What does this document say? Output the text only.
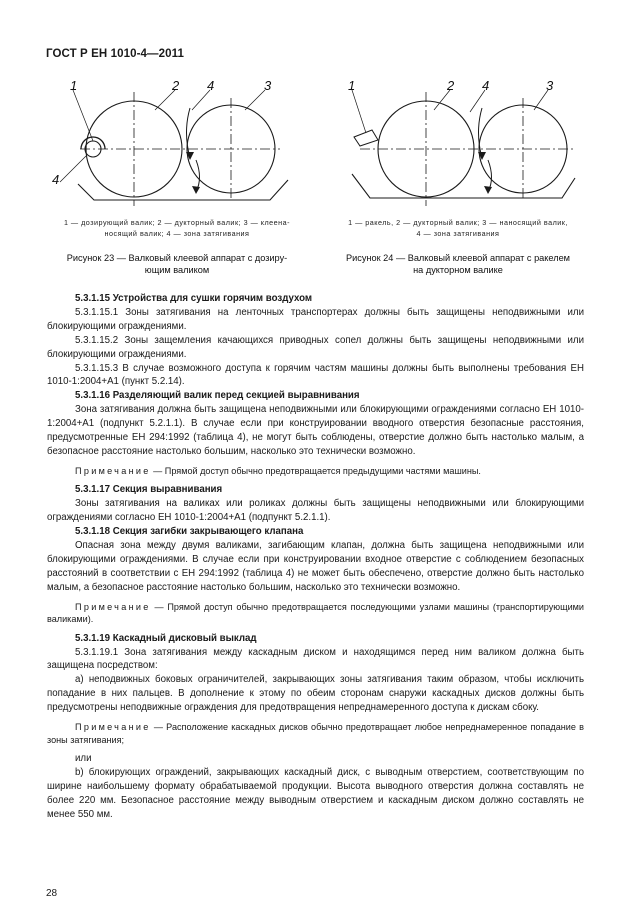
ГОСТ Р ЕН 1010-4—2011
1	2 4	3
4
1 — дозирующий валик; 2 — дукторный валик; 3 — клеена-
носящий валик; 4 — зона затягивания
Рисунок 23 — Валковый клеевой аппарат с дозиру-
ющим валиком
1	2 4	3
1 — ракель, 2 — дукторный валик; 3 — наносящий валик,
4 — зона затягивания
Рисунок 24 — Валковый клеевой аппарат с ракелем
на дукторном валике

5.3.1.15 Устройства для сушки горячим воздухом

5.3.1.15.1 Зоны затягивания на ленточных транспортерах должны быть защищены неподвижными или блокирующими ограждениями.

5.3.1.15.2 Зоны защемления качающихся приводных сопел должны быть защищены неподвижными или блокирующими ограждениями.

5.3.1.15.3 В случае возможного доступа к горячим частям машины должны быть выполнены требования ЕН 1010-1:2004+А1 (пункт 5.2.14).

5.3.1.16 Разделяющий валик перед секцией выравнивания

Зона затягивания должна быть защищена неподвижными или блокирующими ограждениями согласно ЕН 1010-1:2004+А1 (подпункт 5.2.1.1). В случае если при конструировании вводного отверстия безопасные расстояния, предусмотренные ЕН 294:1992 (таблица 4), не могут быть соблюдены, отверстие должно быть настолько малым, а безопасное расстояние настолько большим, насколько это технически возможно.

Примечание — Прямой доступ обычно предотвращается предыдущими частями машины.

5.3.1.17 Секция выравнивания

Зоны затягивания на валиках или роликах должны быть защищены неподвижными или блокирующими ограждениями согласно ЕН 1010-1:2004+А1 (подпункт 5.2.1.1).

5.3.1.18 Секция загибки закрывающего клапана

Опасная зона между двумя валиками, загибающим клапан, должна быть защищена неподвижными или блокирующими ограждениями. В случае если при конструировании входное отверстие с соблюдением безопасных расстояний в соответствии с ЕН 294:1992 (таблица 4) не может быть обеспечено, отверстие должно быть настолько малым, а безопасное расстояние настолько большим, насколько это технически возможно.

Примечание — Прямой доступ обычно предотвращается последующими узлами машины (транспортирующими валиками).

5.3.1.19 Каскадный дисковый выклад

5.3.1.19.1 Зона затягивания между каскадным диском и находящимся перед ним валиком должна быть защищена посредством:

а) неподвижных боковых ограничителей, закрывающих зоны затягивания таким образом, чтобы исключить попадание в них пальцев. В дополнение к этому по обеим сторонам снаружи каскадных дисков должны быть предусмотрены неподвижные ограждения для предотвращения непреднамеренного доступа к дискам сбоку.

Примечание — Расположение каскадных дисков обычно предотвращает любое непреднамеренное попадание в зоны затягивания;

или

b) блокирующих ограждений, закрывающих каскадный диск, с выводным отверстием, соответствующим по ширине наибольшему формату обрабатываемой продукции. Высота выводного отверстия должна составлять не более 220 мм. Безопасное расстояние между выводным отверстием и каскадным диском должно составлять не менее 550 мм.

28
